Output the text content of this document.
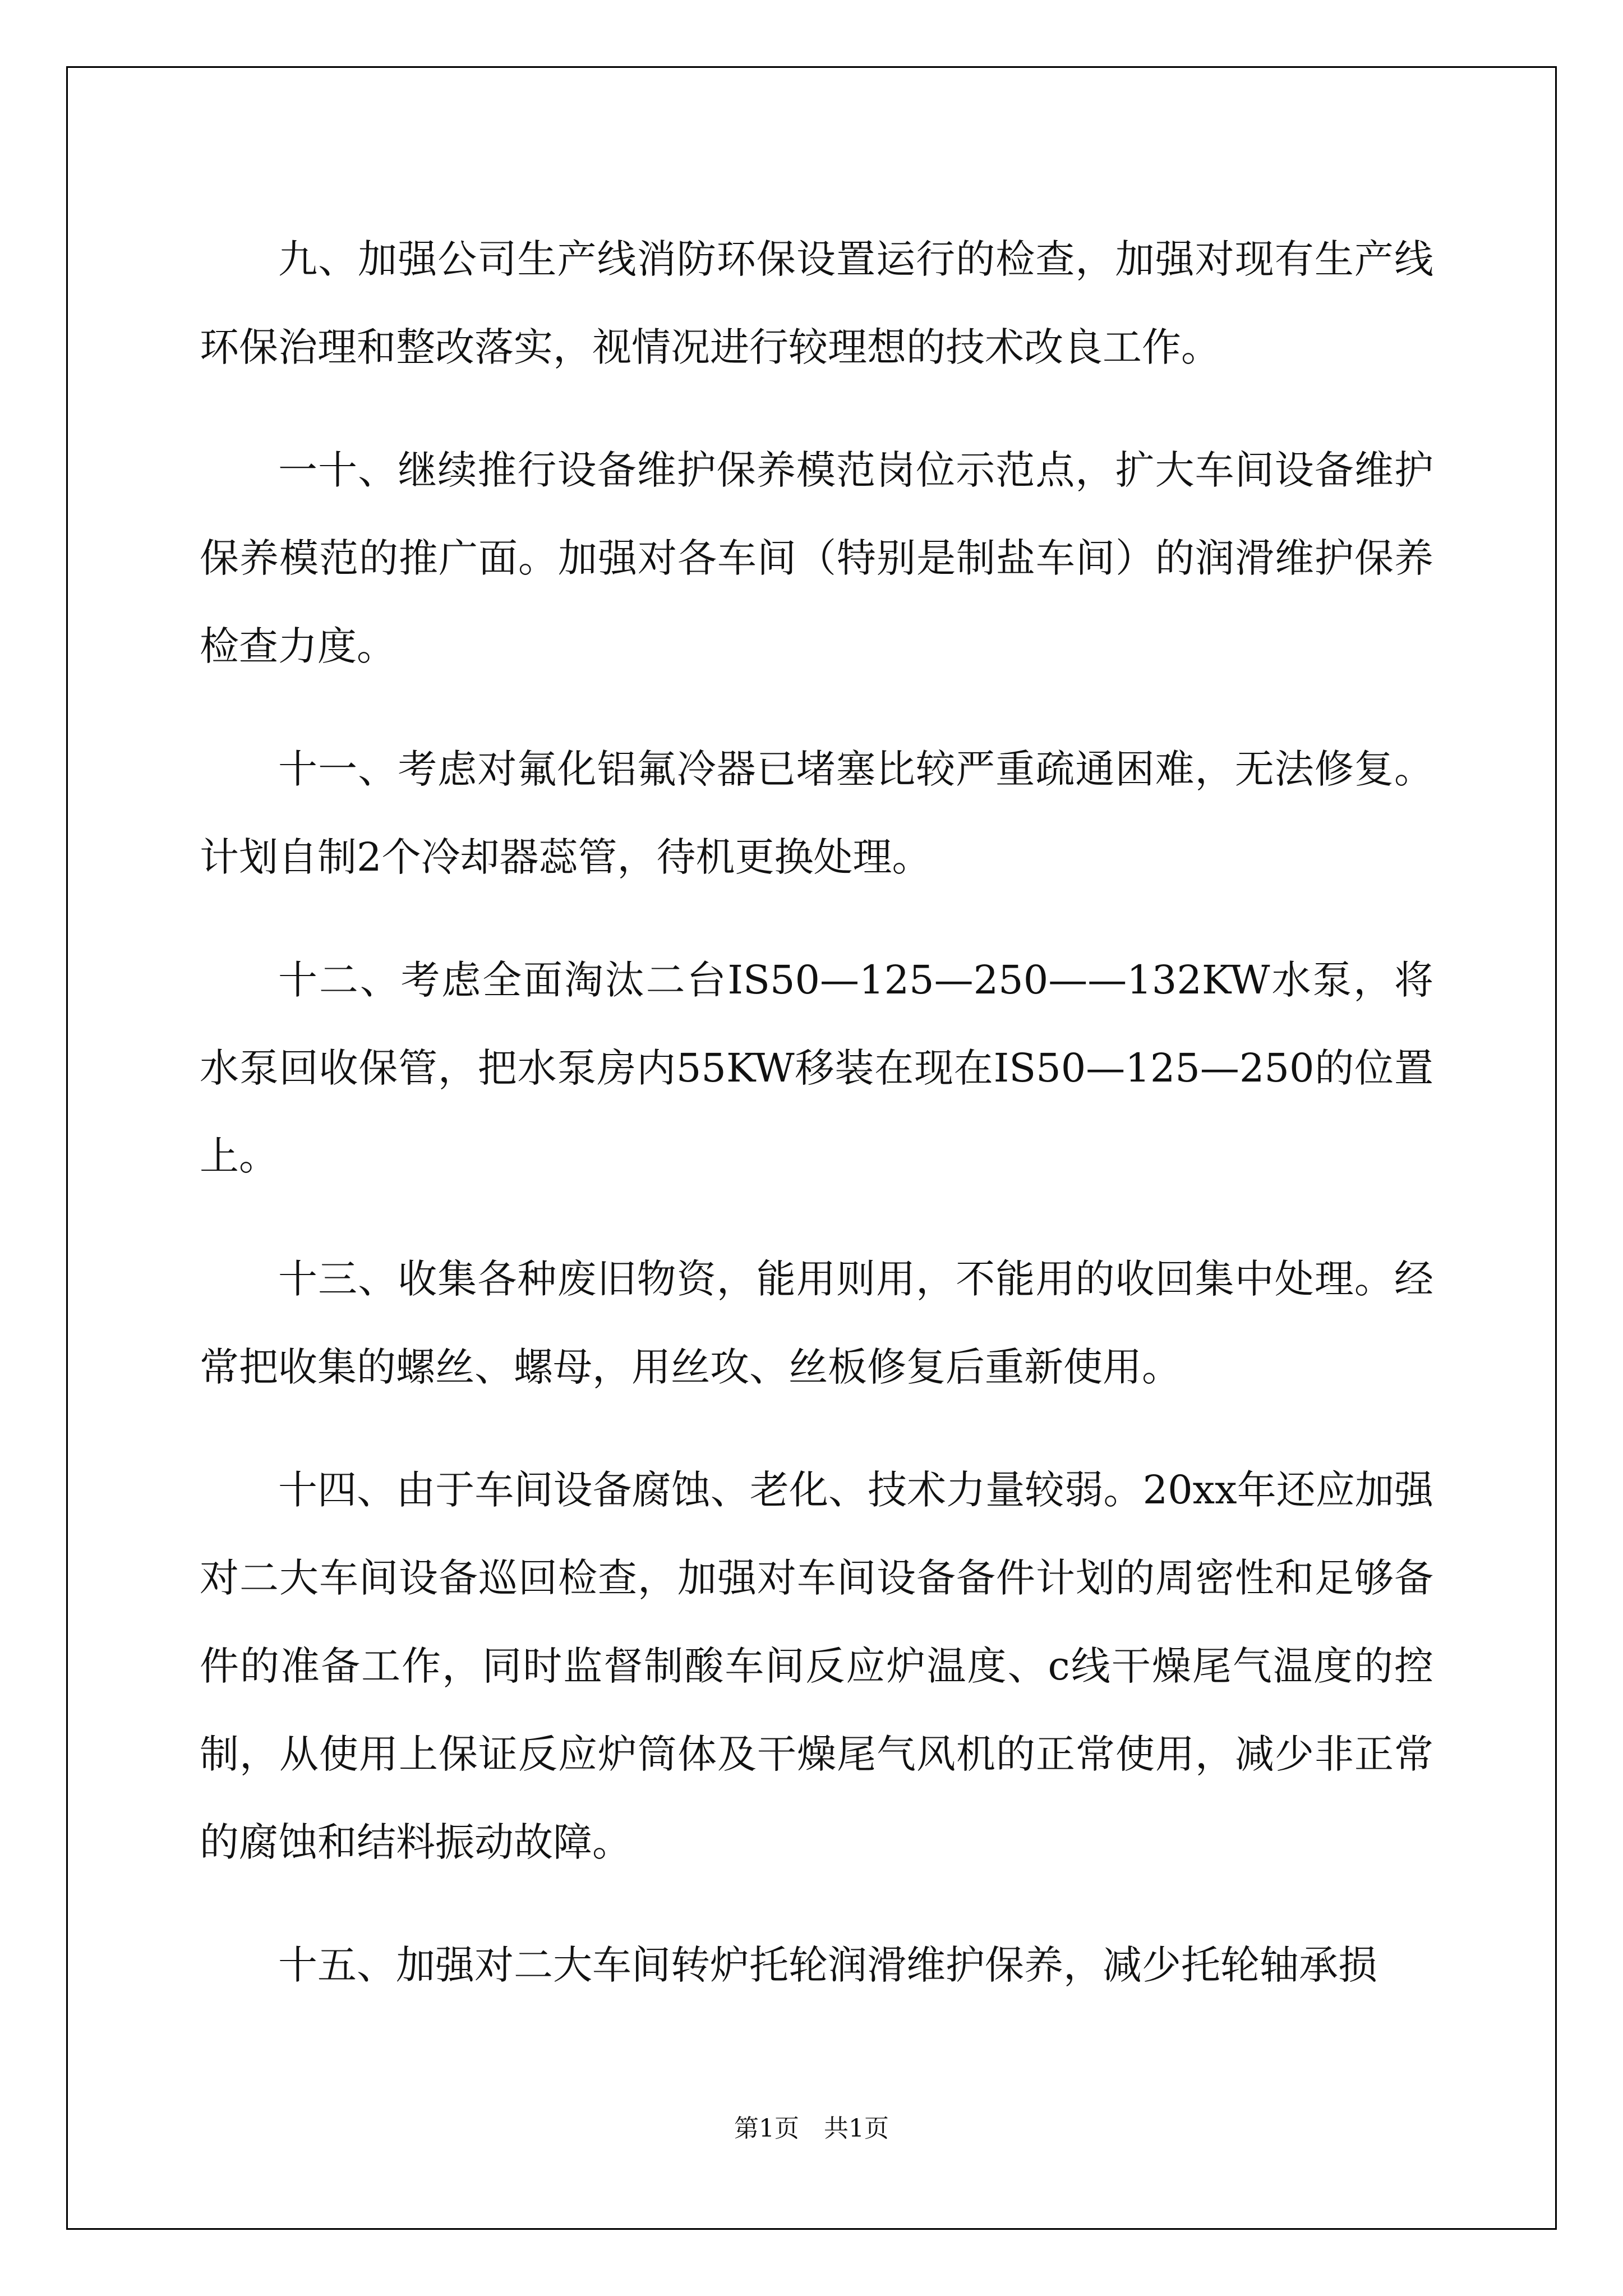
九、加强公司生产线消防环保设置运行的检查，加强对现有生产线环保治理和整改落实，视情况进行较理想的技术改良工作。

一十、继续推行设备维护保养模范岗位示范点，扩大车间设备维护保养模范的推广面。加强对各车间（特别是制盐车间）的润滑维护保养检查力度。

十一、考虑对氟化铝氟冷器已堵塞比较严重疏通困难，无法修复。计划自制2个冷却器蕊管，待机更换处理。

十二、考虑全面淘汰二台IS50—125—250——132KW水泵，将水泵回收保管，把水泵房内55KW移装在现在IS50—125—250的位置上。

十三、收集各种废旧物资，能用则用，不能用的收回集中处理。经常把收集的螺丝、螺母，用丝攻、丝板修复后重新使用。

十四、由于车间设备腐蚀、老化、技术力量较弱。20xx年还应加强对二大车间设备巡回检查，加强对车间设备备件计划的周密性和足够备件的准备工作，同时监督制酸车间反应炉温度、c线干燥尾气温度的控制，从使用上保证反应炉筒体及干燥尾气风机的正常使用，减少非正常的腐蚀和结料振动故障。

十五、加强对二大车间转炉托轮润滑维护保养，减少托轮轴承损

第1页 共1页
